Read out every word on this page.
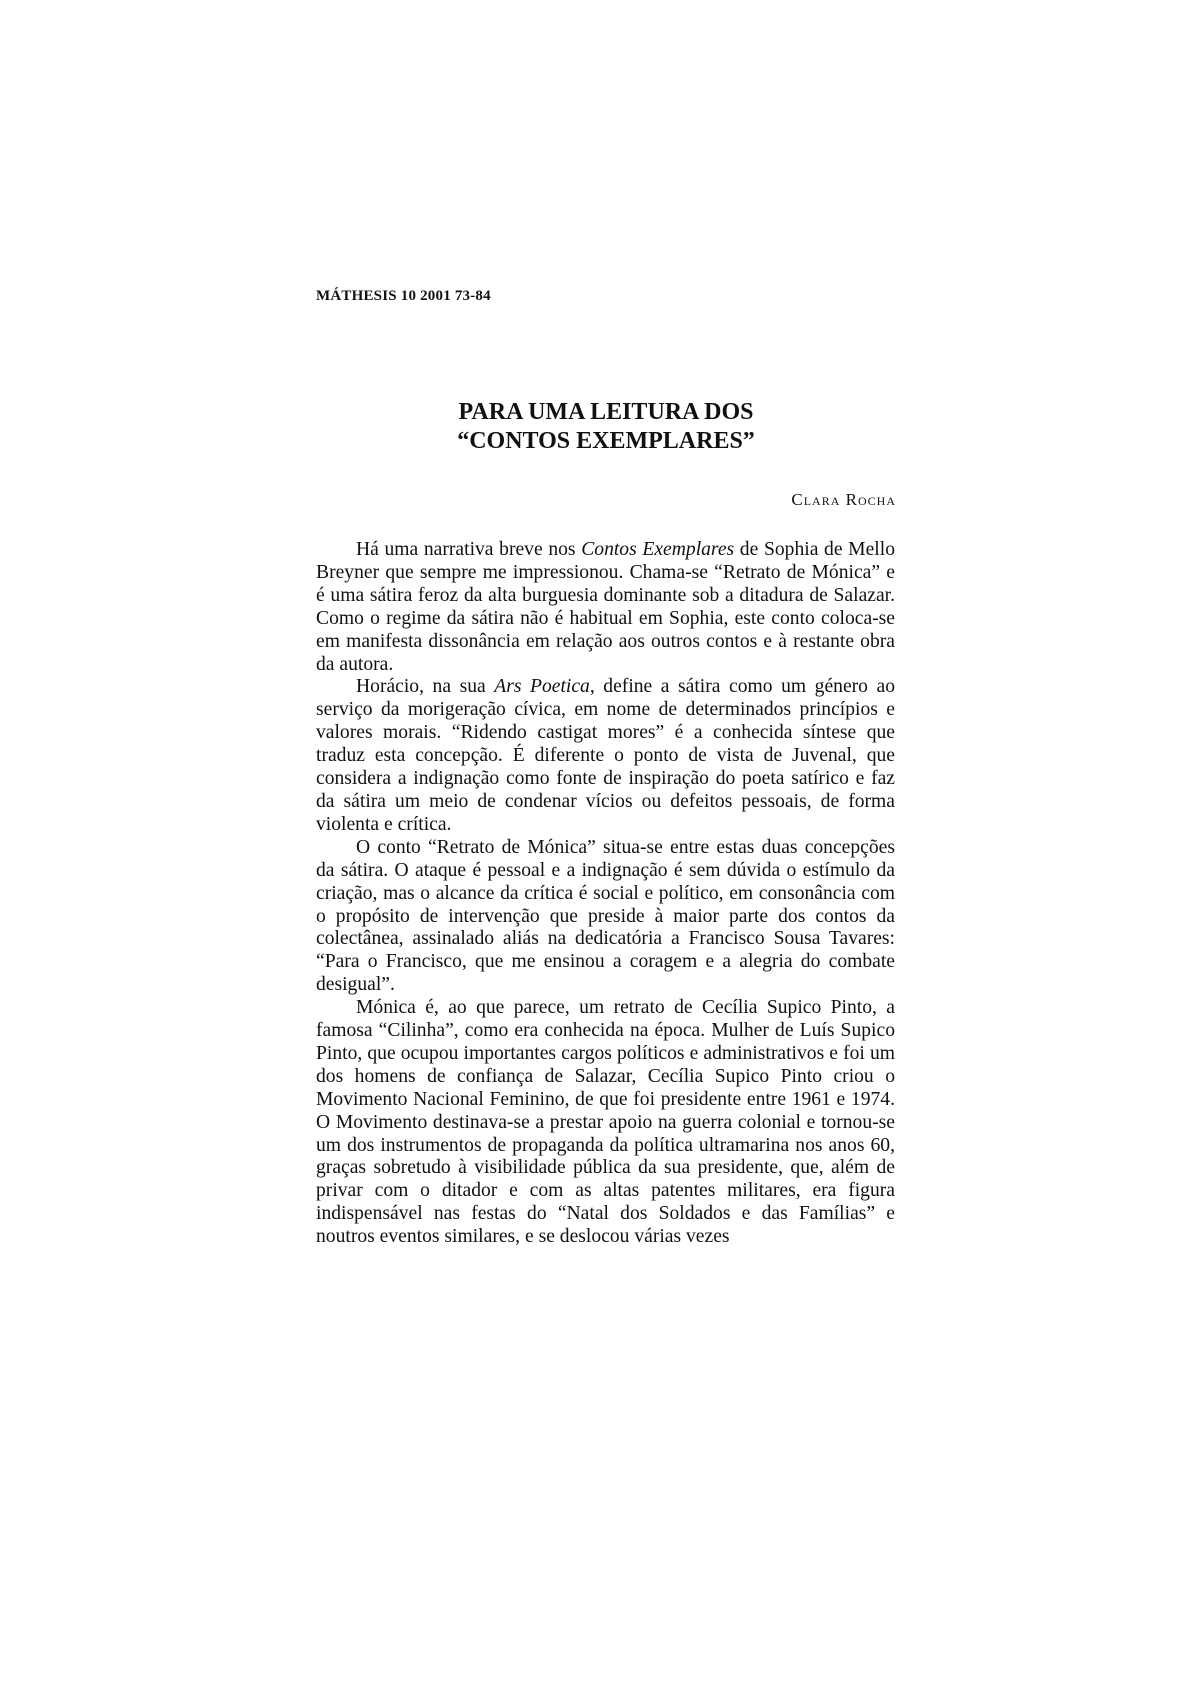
MÁTHESIS 10 2001 73-84
PARA UMA LEITURA DOS
“CONTOS EXEMPLARES”
Clara Rocha

Há uma narrativa breve nos Contos Exemplares de Sophia de Mello Breyner que sempre me impressionou. Chama-se “Retrato de Mónica” e é uma sátira feroz da alta burguesia dominante sob a ditadura de Salazar. Como o regime da sátira não é habitual em Sophia, este conto coloca-se em manifesta dissonância em relação aos outros contos e à restante obra da autora.

Horácio, na sua Ars Poetica, define a sátira como um género ao serviço da morigeração cívica, em nome de determinados princípios e valores morais. “Ridendo castigat mores” é a conhecida síntese que traduz esta concepção. É diferente o ponto de vista de Juvenal, que considera a indignação como fonte de inspiração do poeta satírico e faz da sátira um meio de condenar vícios ou defeitos pessoais, de forma violenta e crítica.

O conto “Retrato de Mónica” situa-se entre estas duas concepções da sátira. O ataque é pessoal e a indignação é sem dúvida o estímulo da criação, mas o alcance da crítica é social e político, em consonância com o propósito de intervenção que preside à maior parte dos contos da colectânea, assinalado aliás na dedicatória a Francisco Sousa Tavares: “Para o Francisco, que me ensinou a coragem e a alegria do combate desigual”.

Mónica é, ao que parece, um retrato de Cecília Supico Pinto, a famosa “Cilinha”, como era conhecida na época. Mulher de Luís Supico Pinto, que ocupou importantes cargos políticos e administrativos e foi um dos homens de confiança de Salazar, Cecília Supico Pinto criou o Movimento Nacional Feminino, de que foi presidente entre 1961 e 1974. O Movimento destinava-se a prestar apoio na guerra colonial e tornou-se um dos instrumentos de propaganda da política ultramarina nos anos 60, graças sobretudo à visibilidade pública da sua presidente, que, além de privar com o ditador e com as altas patentes militares, era figura indispensável nas festas do “Natal dos Soldados e das Famílias” e noutros eventos similares, e se deslocou várias vezes
